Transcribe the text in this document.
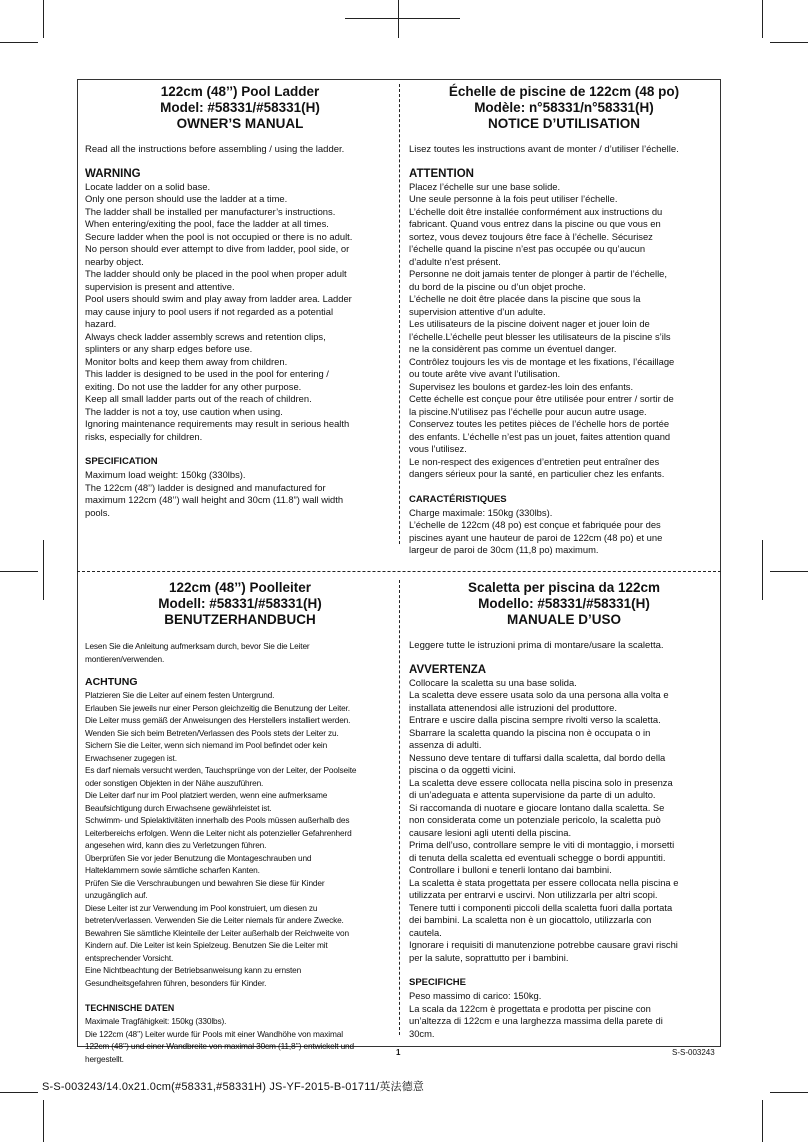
122cm (48’’) Pool Ladder
Model: #58331/#58331(H)
OWNER’S MANUAL
Read all the instructions before assembling / using the ladder.
WARNING
Locate ladder on a solid base.
Only one person should use the ladder at a time.
The ladder shall be installed per manufacturer’s instructions.
When entering/exiting the pool, face the ladder at all times.
Secure ladder when the pool is not occupied or there is no adult.
No person should ever attempt to dive from ladder, pool side, or
nearby object.
The ladder should only be placed in the pool when proper adult
supervision is present and attentive.
Pool users should swim and play away from ladder area. Ladder
may cause injury to pool users if not regarded as a potential
hazard.
Always check ladder assembly screws and retention clips,
splinters or any sharp edges before use.
Monitor bolts and keep them away from children.
This ladder is designed to be used in the pool for entering /
exiting. Do not use the ladder for any other purpose.
Keep all small ladder parts out of the reach of children.
The ladder is not a toy, use caution when using.
Ignoring maintenance requirements may result in serious health
risks, especially for children.
SPECIFICATION
Maximum load weight: 150kg (330lbs).
The 122cm (48’’) ladder is designed and manufactured for
maximum 122cm (48’’) wall height and 30cm (11.8”) wall width
pools.
Échelle de piscine de 122cm (48 po)
Modèle: n°58331/n°58331(H)
NOTICE D’UTILISATION
Lisez toutes les instructions avant de monter / d’utiliser l’échelle.
ATTENTION
Placez l’échelle sur une base solide.
Une seule personne à la fois peut utiliser l’échelle.
L’échelle doit être installée conformément aux instructions du
fabricant. Quand vous entrez dans la piscine ou que vous en
sortez, vous devez toujours être face à l’échelle. Sécurisez
l’échelle quand la piscine n’est pas occupée ou qu’aucun
d’adulte n’est présent.
Personne ne doit jamais tenter de plonger à partir de l’échelle,
du bord de la piscine ou d’un objet proche.
L’échelle ne doit être placée dans la piscine que sous la
supervision attentive d’un adulte.
Les utilisateurs de la piscine doivent nager et jouer loin de
l’échelle.L’échelle peut blesser les utilisateurs de la piscine s’ils
ne la considèrent pas comme un éventuel danger.
Contrôlez toujours les vis de montage et les fixations, l’écaillage
ou toute arête vive avant l’utilisation.
Supervisez les boulons et gardez-les loin des enfants.
Cette échelle est conçue pour être utilisée pour entrer / sortir de
la piscine.N’utilisez pas l’échelle pour aucun autre usage.
Conservez toutes les petites pièces de l’échelle hors de portée
des enfants. L’échelle n’est pas un jouet, faites attention quand
vous l’utilisez.
Le non-respect des exigences d’entretien peut entraîner des
dangers sérieux pour la santé, en particulier chez les enfants.
CARACTÉRISTIQUES
Charge maximale: 150kg (330lbs).
L’échelle de 122cm (48 po) est conçue et fabriquée pour des
piscines ayant une hauteur de paroi de 122cm (48 po) et une
largeur de paroi de 30cm (11,8 po) maximum.
122cm (48’’) Poolleiter
Modell: #58331/#58331(H)
BENUTZERHANDBUCH
Lesen Sie die Anleitung aufmerksam durch, bevor Sie die Leiter
montieren/verwenden.
ACHTUNG
Platzieren Sie die Leiter auf einem festen Untergrund.
Erlauben Sie jeweils nur einer Person gleichzeitig die Benutzung der Leiter.
Die Leiter muss gemäß der Anweisungen des Herstellers installiert werden.
Wenden Sie sich beim Betreten/Verlassen des Pools stets der Leiter zu.
Sichern Sie die Leiter, wenn sich niemand im Pool befindet oder kein
Erwachsener zugegen ist.
Es darf niemals versucht werden, Tauchsprünge von der Leiter, der Poolseite
oder sonstigen Objekten in der Nähe auszuführen.
Die Leiter darf nur im Pool platziert werden, wenn eine aufmerksame
Beaufsichtigung durch Erwachsene gewährleistet ist.
Schwimm- und Spielaktivitäten innerhalb des Pools müssen außerhalb des
Leiterbereichs erfolgen. Wenn die Leiter nicht als potenzieller Gefahrenherd
angesehen wird, kann dies zu Verletzungen führen.
Überprüfen Sie vor jeder Benutzung die Montageschrauben und
Halteklammern sowie sämtliche scharfen Kanten.
Prüfen Sie die Verschraubungen und bewahren Sie diese für Kinder
unzugänglich auf.
Diese Leiter ist zur Verwendung im Pool konstruiert, um diesen zu
betreten/verlassen. Verwenden Sie die Leiter niemals für andere Zwecke.
Bewahren Sie sämtliche Kleinteile der Leiter außerhalb der Reichweite von
Kindern auf. Die Leiter ist kein Spielzeug. Benutzen Sie die Leiter mit
entsprechender Vorsicht.
Eine Nichtbeachtung der Betriebsanweisung kann zu ernsten
Gesundheitsgefahren führen, besonders für Kinder.
TECHNISCHE DATEN
Maximale Tragfähigkeit: 150kg (330lbs).
Die 122cm (48’’) Leiter wurde für Pools mit einer Wandhöhe von maximal
122cm (48’’) und einer Wandbreite von maximal 30cm (11,8’’) entwickelt und
hergestellt.
Scaletta per piscina da 122cm
Modello: #58331/#58331(H)
MANUALE D’USO
Leggere tutte le istruzioni prima di montare/usare la scaletta.
AVVERTENZA
Collocare la scaletta su una base solida.
La scaletta deve essere usata solo da una persona alla volta e
installata attenendosi alle istruzioni del produttore.
Entrare e uscire dalla piscina sempre rivolti verso la scaletta.
Sbarrare la scaletta quando la piscina non è occupata o in
assenza di adulti.
Nessuno deve tentare di tuffarsi dalla scaletta, dal bordo della
piscina o da oggetti vicini.
La scaletta deve essere collocata nella piscina solo in presenza
di un’adeguata e attenta supervisione da parte di un adulto.
Si raccomanda di nuotare e giocare lontano dalla scaletta. Se
non considerata come un potenziale pericolo, la scaletta può
causare lesioni agli utenti della piscina.
Prima dell’uso, controllare sempre le viti di montaggio, i morsetti
di tenuta della scaletta ed eventuali schegge o bordi appuntiti.
Controllare i bulloni e tenerli lontano dai bambini.
La scaletta è stata progettata per essere collocata nella piscina e
utilizzata per entrarvi e uscirvi. Non utilizzarla per altri scopi.
Tenere tutti i componenti piccoli della scaletta fuori dalla portata
dei bambini. La scaletta non è un giocattolo, utilizzarla con
cautela.
Ignorare i requisiti di manutenzione potrebbe causare gravi rischi
per la salute, soprattutto per i bambini.
SPECIFICHE
Peso massimo di carico: 150kg.
La scala da 122cm è progettata e prodotta per piscine con
un’altezza di 122cm e una larghezza massima della parete di
30cm.
1	S-S-003243
S-S-003243/14.0x21.0cm(#58331,#58331H) JS-YF-2015-B-01711/英法德意
